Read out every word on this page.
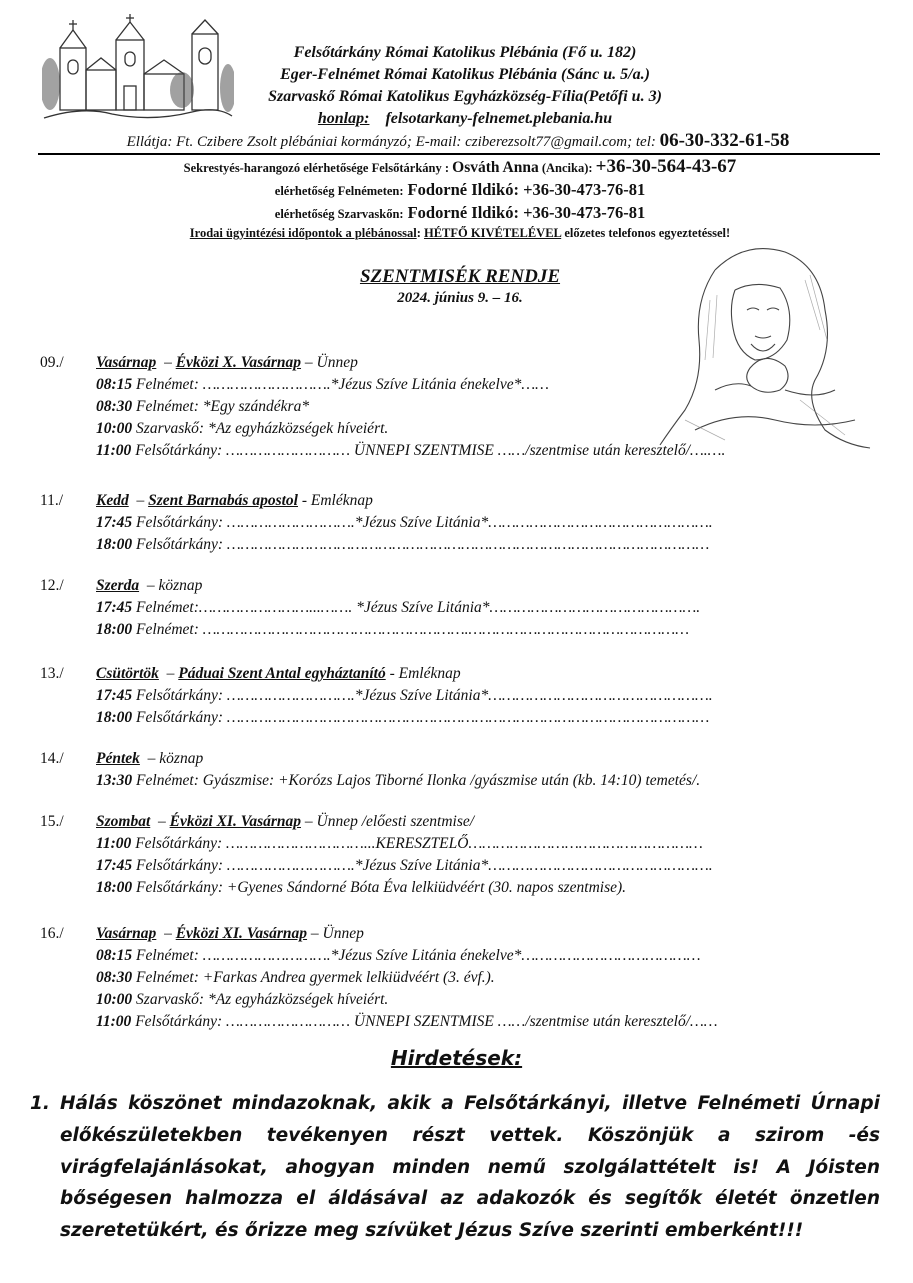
Felsőtárkány Római Katolikus Plébánia (Fő u. 182)
Eger-Felnémet Római Katolikus Plébánia (Sánc u. 5/a.)
Szarvaskő Római Katolikus Egyházközség-Fília(Petőfi u. 3)
honlap: felsotarkany-felnemet.plebania.hu
Ellátja: Ft. Czibere Zsolt plébániai kormányzó; E-mail: cziberezsolt77@gmail.com; tel: 06-30-332-61-58
Sekrestyés-harangozó elérhetősége Felsőtárkány : Osváth Anna (Ancika): +36-30-564-43-67
elérhetőség Felnémeten: Fodorné Ildikó: +36-30-473-76-81
elérhetőség Szarvaskőn: Fodorné Ildikó: +36-30-473-76-81
Irodai ügyintézési időpontok a plébánossal: HÉTFŐ KIVÉTELÉVEL előzetes telefonos egyeztetéssel!
SZENTMISÉK RENDJE
2024. június 9. – 16.
09./ Vasárnap – Évközi X. Vasárnap – Ünnep
08:15 Felnémet: ……………………….*Jézus Szíve Litánia énekelve*……
08:30 Felnémet: *Egy szándékra*
10:00 Szarvaskő: *Az egyházközségek híveiért.
11:00 Felsőtárkány: ……………………… ÜNNEPI SZENTMISE ……/szentmise után keresztelő/….….
11./ Kedd – Szent Barnabás apostol - Emléknap
17:45 Felsőtárkány: ……………………….*Jézus Szíve Litánia*………………………………………….
18:00 Felsőtárkány: ……………………………………………………………………………………………
12./ Szerda – köznap
17:45 Felnémet:……………………...……. *Jézus Szíve Litánia*……………………………………….
18:00 Felnémet: ………………………………………………….…………………………………………
13./ Csütörtök – Páduai Szent Antal egyháztanító - Emléknap
17:45 Felsőtárkány: ……………………….*Jézus Szíve Litánia*………………………………………….
18:00 Felsőtárkány: ……………………………………………………………………………………………
14./ Péntek – köznap
13:30 Felnémet: Gyászmise: +Korózs Lajos Tiborné Ilonka /gyászmise után (kb. 14:10) temetés/.
15./ Szombat – Évközi XI. Vasárnap – Ünnep /előesti szentmise/
11:00 Felsőtárkány: …………………………...KERESZTELŐ……………………………………………
17:45 Felsőtárkány: ……………………….*Jézus Szíve Litánia*………………………………………….
18:00 Felsőtárkány: +Gyenes Sándorné Bóta Éva lelkiüdvéért (30. napos szentmise).
16./ Vasárnap – Évközi XI. Vasárnap – Ünnep
08:15 Felnémet: ……………………….*Jézus Szíve Litánia énekelve*…………………………………
08:30 Felnémet: +Farkas Andrea gyermek lelkiüdvéért (3. évf.).
10:00 Szarvaskő: *Az egyházközségek híveiért.
11:00 Felsőtárkány: ……………………… ÜNNEPI SZENTMISE ……/szentmise után keresztelő/……
Hirdetések:
1. Hálás köszönet mindazoknak, akik a Felsőtárkányi, illetve Felnémeti Úrnapi előkészületekben tevékenyen részt vettek. Köszönjük a szirom -és virágfelajánlásokat, ahogyan minden nemű szolgálattételt is! A Jóisten bőségesen halmozza el áldásával az adakozók és segítők életét önzetlen szeretetükért, és őrizze meg szívüket Jézus Szíve szerinti emberként!!!
